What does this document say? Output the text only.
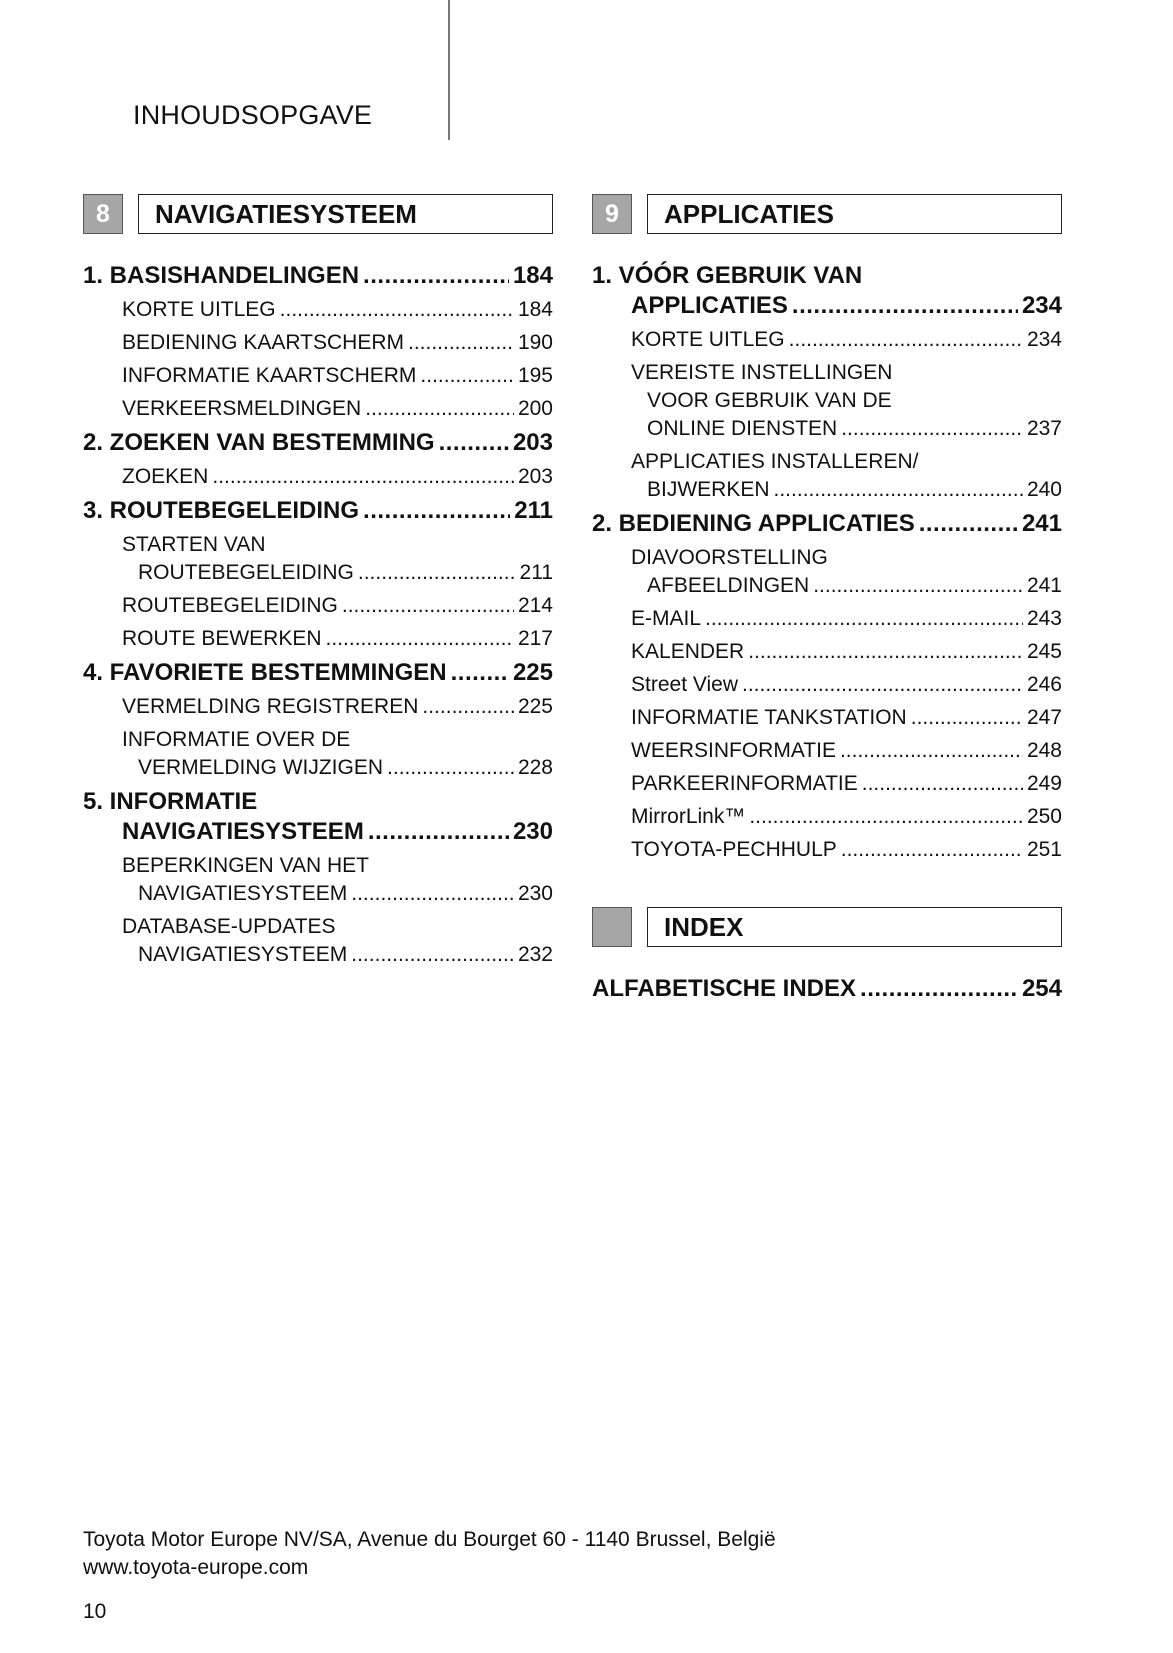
INHOUDSOPGAVE
8	NAVIGATIESYSTEEM
1. BASISHANDELINGEN .....	184
KORTE UITLEG .....	184
BEDIENING KAARTSCHERM .....	190
INFORMATIE KAARTSCHERM .....	195
VERKEERSMELDINGEN .....	200
2. ZOEKEN VAN BESTEMMING .....	203
ZOEKEN .....	203
3. ROUTEBEGELEIDING .....	211
STARTEN VAN
ROUTEBEGELEIDING .....	211
ROUTEBEGELEIDING .....	214
ROUTE BEWERKEN .....	217
4. FAVORIETE BESTEMMINGEN .....	225
VERMELDING REGISTREREN .....	225
INFORMATIE OVER DE
VERMELDING WIJZIGEN .....	228
5. INFORMATIE
NAVIGATIESYSTEEM .....	230
BEPERKINGEN VAN HET
NAVIGATIESYSTEEM .....	230
DATABASE-UPDATES
NAVIGATIESYSTEEM .....	232
9	APPLICATIES
1. VÓÓR GEBRUIK VAN
APPLICATIES .....	234
KORTE UITLEG .....	234
VEREISTE INSTELLINGEN
VOOR GEBRUIK VAN DE
ONLINE DIENSTEN .....	237
APPLICATIES INSTALLEREN/
BIJWERKEN .....	240
2. BEDIENING APPLICATIES .....	241
DIAVOORSTELLING
AFBEELDINGEN .....	241
E-MAIL .....	243
KALENDER .....	245
Street View .....	246
INFORMATIE TANKSTATION .....	247
WEERSINFORMATIE .....	248
PARKEERINFORMATIE .....	249
MirrorLink™ .....	250
TOYOTA-PECHHULP .....	251
INDEX
ALFABETISCHE INDEX .....	254
Toyota Motor Europe NV/SA, Avenue du Bourget 60 - 1140 Brussel, België
www.toyota-europe.com
10
